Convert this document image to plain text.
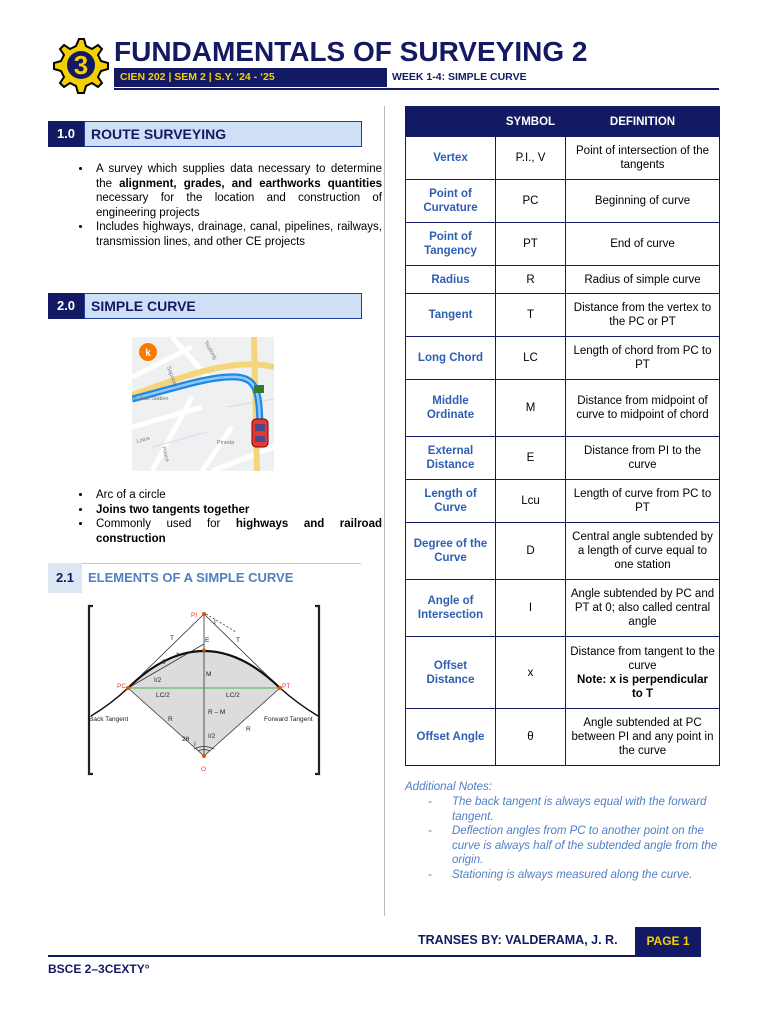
3 FUNDAMENTALS OF SURVEYING 2
CIEN 202 | SEM 2 | S.Y. ‘24 - ‘25	WEEK 1-4: SIMPLE CURVE
1.0	ROUTE SURVEYING
• A survey which supplies data necessary to determine the alignment, grades, and earthworks quantities necessary for the location and construction of engineering projects
• Includes highways, drainage, canal, pipelines, railways, transmission lines, and other CE projects
2.0	SIMPLE CURVE
k
Sapocan
Pineda
Lotus
Ponce
Tsuitong
on Gas Station
• Arc of a circle
• Joins two tangents together
• Commonly used for highways and railroad construction
2.1	ELEMENTS OF A SIMPLE CURVE
PI
I
T	T
E
x
θ
I/2
M
PC	PT
LC/2	LC/2
Back Tangent	Forward Tangent
R
R
R – M
2θ	I/2
I
O
	SYMBOL	DEFINITION
Vertex	P.I., V	Point of intersection of the tangents
Point of Curvature	PC	Beginning of curve
Point of Tangency	PT	End of curve
Radius	R	Radius of simple curve
Tangent	T	Distance from the vertex to the PC or PT
Long Chord	LC	Length of chord from PC to PT
Middle Ordinate	M	Distance from midpoint of curve to midpoint of chord
External Distance	E	Distance from PI to the curve
Length of Curve	Lcu	Length of curve from PC to PT
Degree of the Curve	D	Central angle subtended by a length of curve equal to one station
Angle of Intersection	I	Angle subtended by PC and PT at 0; also called central angle
Offset Distance	x	Distance from tangent to the curve
Note: x is perpendicular to T
Offset Angle	θ	Angle subtended at PC between PI and any point in the curve
Additional Notes:
- The back tangent is always equal with the forward tangent.
- Deflection angles from PC to another point on the curve is always half of the subtended angle from the origin.
- Stationing is always measured along the curve.
TRANSES BY: VALDERAMA, J. R.	PAGE 1
BSCE 2–3CEXTY°
